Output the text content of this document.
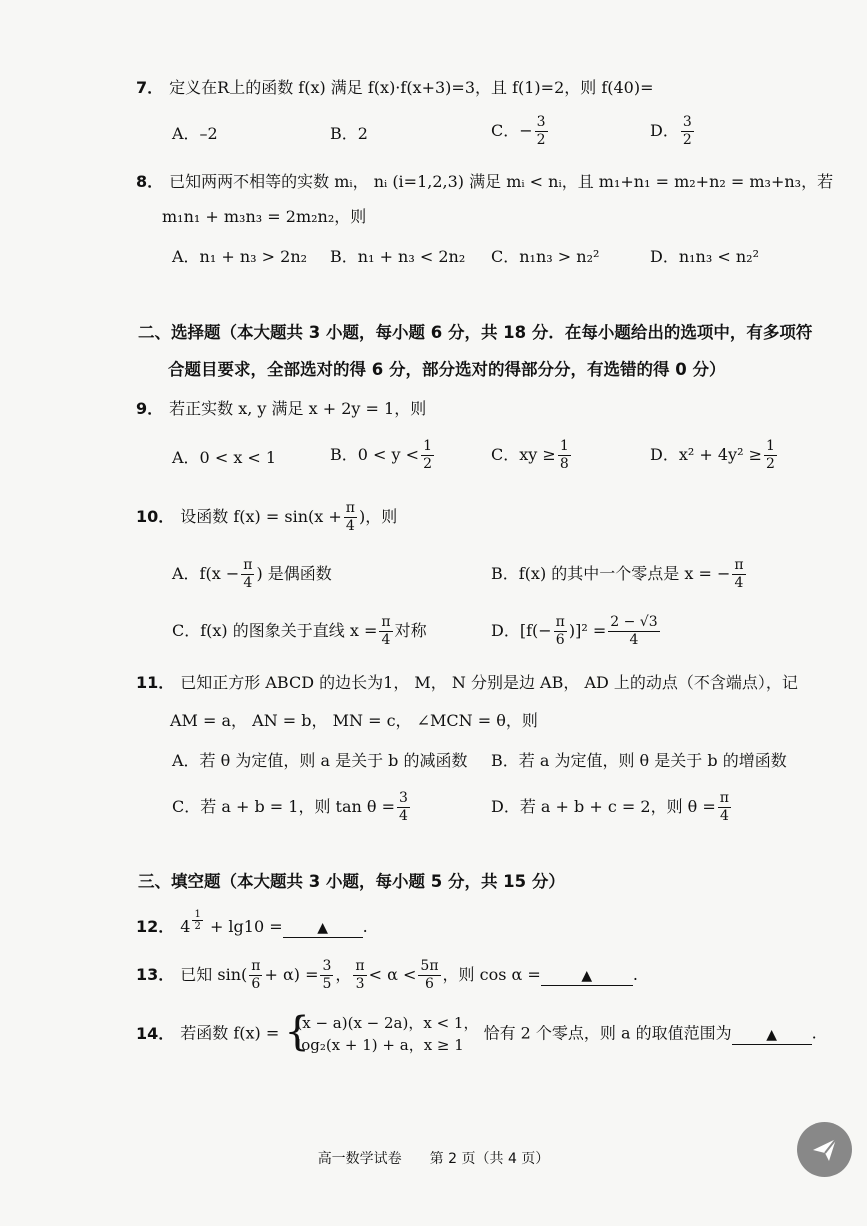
7． 定义在R上的函数 f(x) 满足 f(x)·f(x+3)=3，且 f(1)=2，则 f(40)=
A．–2	B．2	C．− $\frac{3}{2}$	D． $\frac{3}{2}$
8． 已知两两不相等的实数 mᵢ， nᵢ (i=1,2,3) 满足 mᵢ < nᵢ，且 m₁+n₁ = m₂+n₂ = m₃+n₃，若
m₁n₁ + m₃n₃ = 2m₂n₂，则
A．n₁ + n₃ > 2n₂ B．n₁ + n₃ < 2n₂ C．n₁n₃ > n₂²	D．n₁n₃ < n₂²
二、选择题（本大题共 3 小题，每小题 6 分，共 18 分．在每小题给出的选项中，有多项符
合题目要求，全部选对的得 6 分，部分选对的得部分分，有选错的得 0 分）
9． 若正实数 x, y 满足 x + 2y = 1，则
A．0 < x < 1	B．$0 < y < \frac{1}{2}$	C．xy ≥ $\frac{1}{8}$	D．$x^2 + 4y^2 \ge \frac{1}{2}$
10． 设函数 $f(x) = \sin(x + \frac{\pi}{4}$ )，则
A．$f(x - \frac{\pi}{4}$ ) 是偶函数	B．f(x) 的其中一个零点是 x = − $\frac{\pi}{4}$
C．f(x) 的图象关于直线 $x = \frac{\pi}{4}$ 对称	D．$[f(- \frac{\pi}{6} )]^2 = \frac{2 - √3}{4}$
11． 已知正方形 ABCD 的边长为1， M， N 分别是边 AB， AD 上的动点（不含端点），记
AM = a， AN = b， MN = c， ∠MCN = θ，则
A．若 θ 为定值，则 a 是关于 b 的减函数 B．若 a 为定值，则 θ 是关于 b 的增函数
C．若 a + b = 1，则 $\tan \theta = \frac{3}{4}$	D．若 a + b + c = 2，则 $\theta = \frac{\pi}{4}$
三、填空题（本大题共 3 小题，每小题 5 分，共 15 分）
12． $4 \frac{1}{2} + \lg 10$ = ▲ .
13． 已知 $\sin( \frac{\pi}{6} + \alpha) = \frac{3}{5}$ ， $\frac{\pi}{3} < \alpha < \frac{5\pi}{6}$ ，则 cos α =	▲	.
14． 若函数 f(x) = {
(x − a)(x − 2a)，x < 1，
log₂(x + 1) + a，x ≥ 1
恰有 2 个零点，则 a 的取值范围为 ▲ .
高一数学试卷　　第 2 页（共 4 页）
